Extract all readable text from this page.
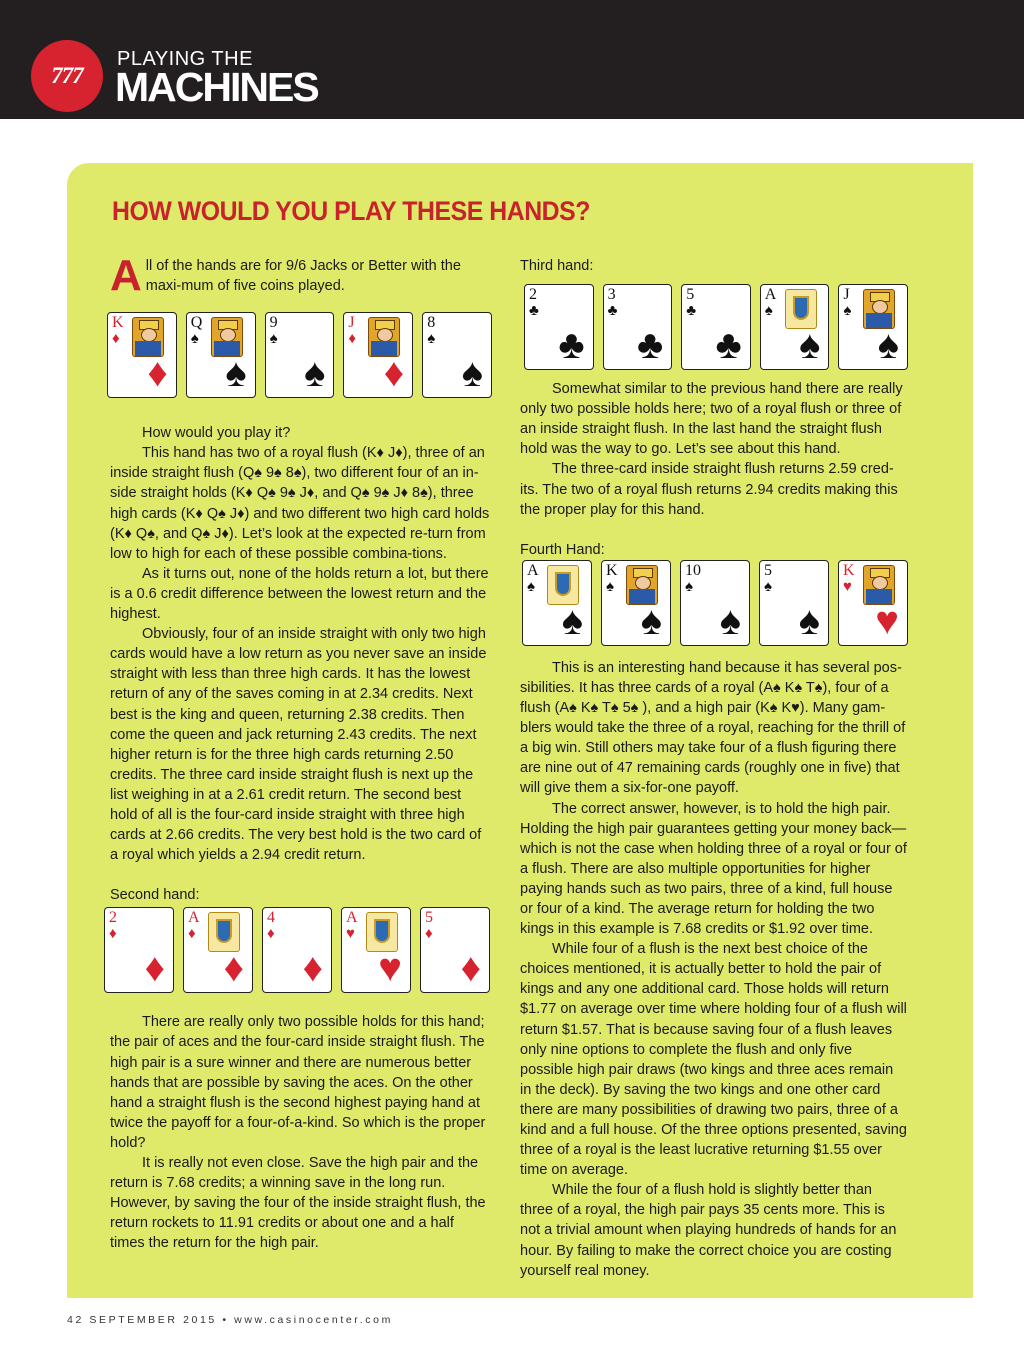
777
PLAYING THE
MACHINES
HOW WOULD YOU PLAY THESE HANDS?

All of the hands are for 9/6 Jacks or Better with the maxi-mum of five coins played.

K
♦
♦
Q
♠
♠
9
♠
♠
J
♦
♦
8
♠
♠

How would you play it?

This hand has two of a royal flush (K♦ J♦), three of an inside straight flush (Q♠ 9♠ 8♠), two different four of an in-side straight holds (K♦ Q♠ 9♠ J♦, and Q♠ 9♠ J♦ 8♠), three high cards (K♦ Q♠ J♦) and two different two high card holds (K♦ Q♠, and Q♠ J♦). Let’s look at the expected re-turn from low to high for each of these possible combina-tions.

As it turns out, none of the holds return a lot, but there is a 0.6 credit difference between the lowest return and the highest.

Obviously, four of an inside straight with only two high cards would have a low return as you never save an inside straight with less than three high cards. It has the lowest return of any of the saves coming in at 2.34 credits. Next best is the king and queen, returning 2.38 credits. Then come the queen and jack returning 2.43 credits. The next higher return is for the three high cards returning 2.50 credits. The three card inside straight flush is next up the list weighing in at a 2.61 credit return. The second best hold of all is the four-card inside straight with three high cards at 2.66 credits. The very best hold is the two card of a royal which yields a 2.94 credit return.

Second hand:

2
♦
♦
A
♦
♦
4
♦
♦
A
♥
♥
5
♦
♦

There are really only two possible holds for this hand; the pair of aces and the four-card inside straight flush. The high pair is a sure winner and there are numerous better hands that are possible by saving the aces. On the other hand a straight flush is the second highest paying hand at twice the payoff for a four-of-a-kind. So which is the proper hold?

It is really not even close. Save the high pair and the return is 7.68 credits; a winning save in the long run. However, by saving the four of the inside straight flush, the return rockets to 11.91 credits or about one and a half times the return for the high pair.

Third hand:

2
♣
♣
3
♣
♣
5
♣
♣
A
♠
♠
J
♠
♠

Somewhat similar to the previous hand there are really only two possible holds here; two of a royal flush or three of an inside straight flush. In the last hand the straight flush hold was the way to go. Let’s see about this hand.

The three-card inside straight flush returns 2.59 cred-its. The two of a royal flush returns 2.94 credits making this the proper play for this hand.

Fourth Hand:

A
♠
♠
K
♠
♠
10
♠
♠
5
♠
♠
K
♥
♥

This is an interesting hand because it has several pos-sibilities. It has three cards of a royal (A♠ K♠ T♠), four of a flush (A♠ K♠ T♠ 5♠ ), and a high pair (K♠ K♥). Many gam-blers would take the three of a royal, reaching for the thrill of a big win. Still others may take four of a flush figuring there are nine out of 47 remaining cards (roughly one in five) that will give them a six-for-one payoff.

The correct answer, however, is to hold the high pair. Holding the high pair guarantees getting your money back—which is not the case when holding three of a royal or four of a flush. There are also multiple opportunities for higher paying hands such as two pairs, three of a kind, full house or four of a kind. The average return for holding the two kings in this example is 7.68 credits or $1.92 over time.

While four of a flush is the next best choice of the choices mentioned, it is actually better to hold the pair of kings and any one additional card. Those holds will return $1.77 on average over time where holding four of a flush will return $1.57. That is because saving four of a flush leaves only nine options to complete the flush and only five possible high pair draws (two kings and three aces remain in the deck). By saving the two kings and one other card there are many possibilities of drawing two pairs, three of a kind and a full house. Of the three options presented, saving three of a royal is the least lucrative returning $1.55 over time on average.

While the four of a flush hold is slightly better than three of a royal, the high pair pays 35 cents more. This is not a trivial amount when playing hundreds of hands for an hour. By failing to make the correct choice you are costing yourself real money.

42 SEPTEMBER 2015 • www.casinocenter.com
